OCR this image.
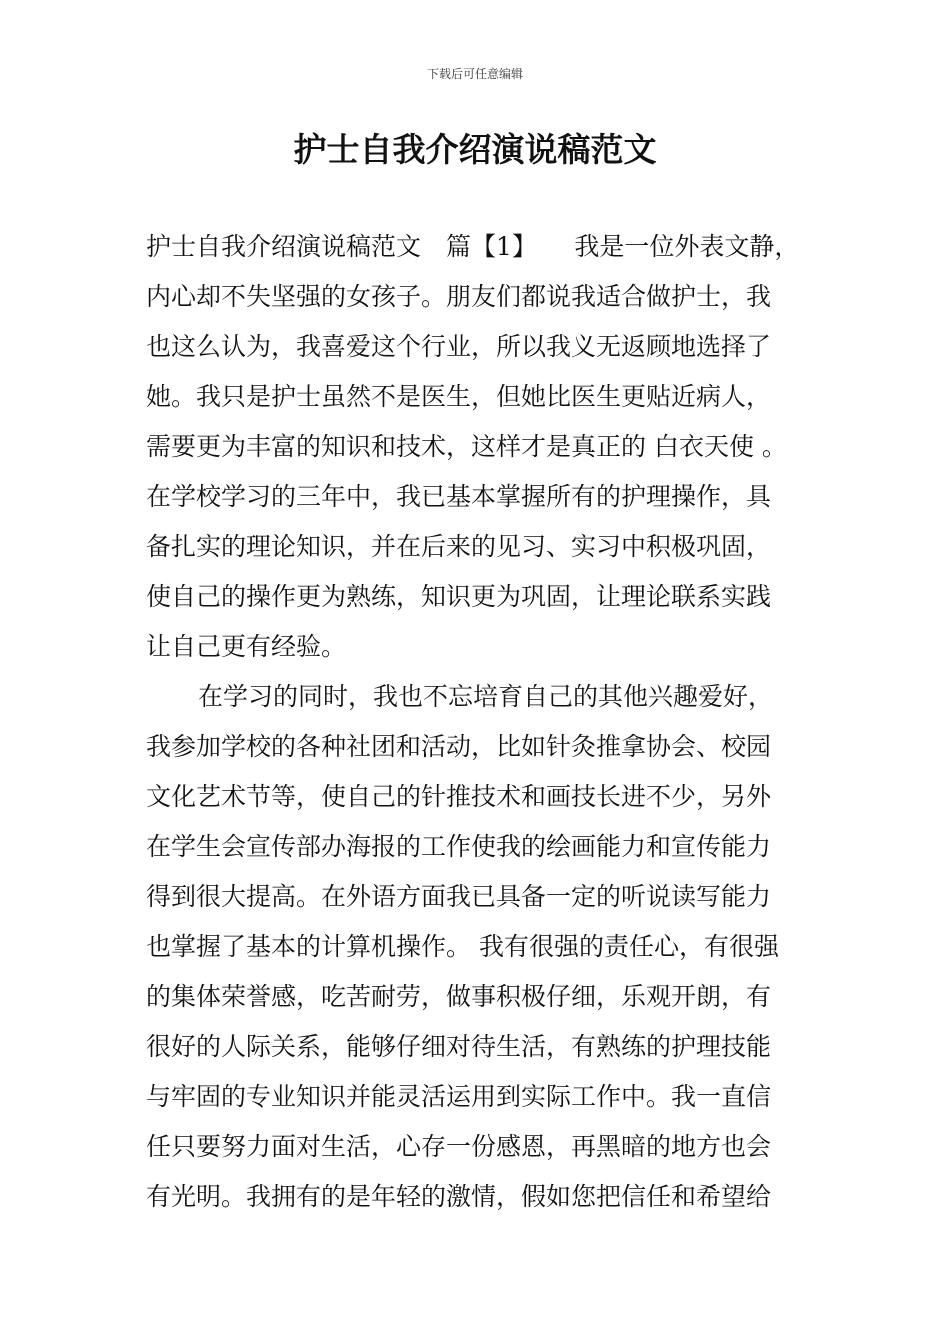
下载后可任意编辑
护士自我介绍演说稿范文
护士自我介绍演说稿范文　篇【1】　　我是一位外表文静，
内心却不失坚强的女孩子。朋友们都说我适合做护士，我
也这么认为，我喜爱这个行业，所以我义无返顾地选择了
她。我只是护士虽然不是医生，但她比医生更贴近病人，
需要更为丰富的知识和技术，这样才是真正的 白衣天使 。
在学校学习的三年中，我已基本掌握所有的护理操作，具
备扎实的理论知识，并在后来的见习、实习中积极巩固，
使自己的操作更为熟练，知识更为巩固，让理论联系实践
让自己更有经验。
在学习的同时，我也不忘培育自己的其他兴趣爱好，
我参加学校的各种社团和活动，比如针灸推拿协会、校园
文化艺术节等，使自己的针推技术和画技长进不少，另外
在学生会宣传部办海报的工作使我的绘画能力和宣传能力
得到很大提高。在外语方面我已具备一定的听说读写能力
也掌握了基本的计算机操作。 我有很强的责任心，有很强
的集体荣誉感，吃苦耐劳，做事积极仔细，乐观开朗，有
很好的人际关系，能够仔细对待生活，有熟练的护理技能
与牢固的专业知识并能灵活运用到实际工作中。我一直信
任只要努力面对生活，心存一份感恩，再黑暗的地方也会
有光明。我拥有的是年轻的激情，假如您把信任和希望给
